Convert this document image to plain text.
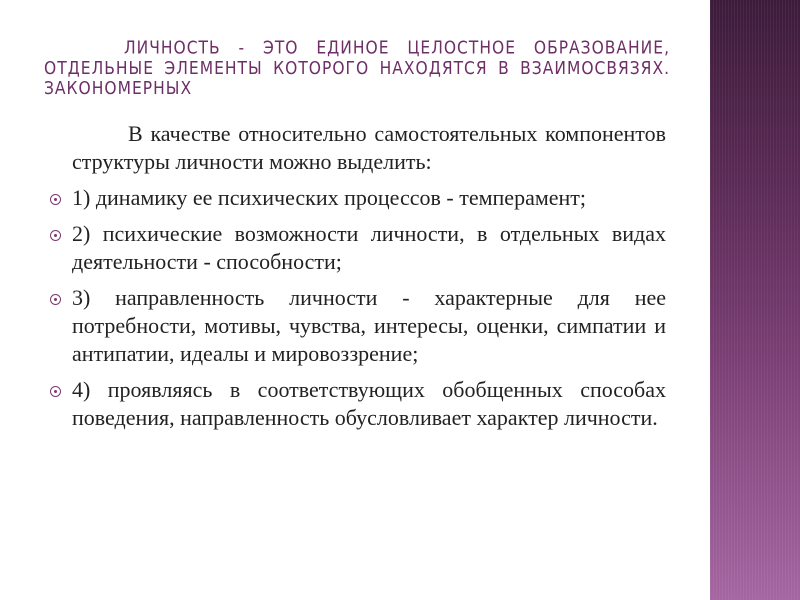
ЛИЧНОСТЬ - ЭТО ЕДИНОЕ ЦЕЛОСТНОЕ ОБРАЗОВАНИЕ, ОТДЕЛЬНЫЕ ЭЛЕМЕНТЫ КОТОРОГО НАХОДЯТСЯ В ВЗАИМОСВЯЗЯХ. ЗАКОНОМЕРНЫХ

В качестве относительно самостоятельных компонентов структуры личности можно выделить:

1) динамику ее психических процессов - темперамент;
2) психические возможности личности, в отдельных видах деятельности - способности;
3) направленность личности - характерные для нее потребности, мотивы, чувства, интересы, оценки, симпатии и антипатии, идеалы и мировоззрение;
4) проявляясь в соответствующих обобщенных способах поведения, направленность обусловливает характер личности.
